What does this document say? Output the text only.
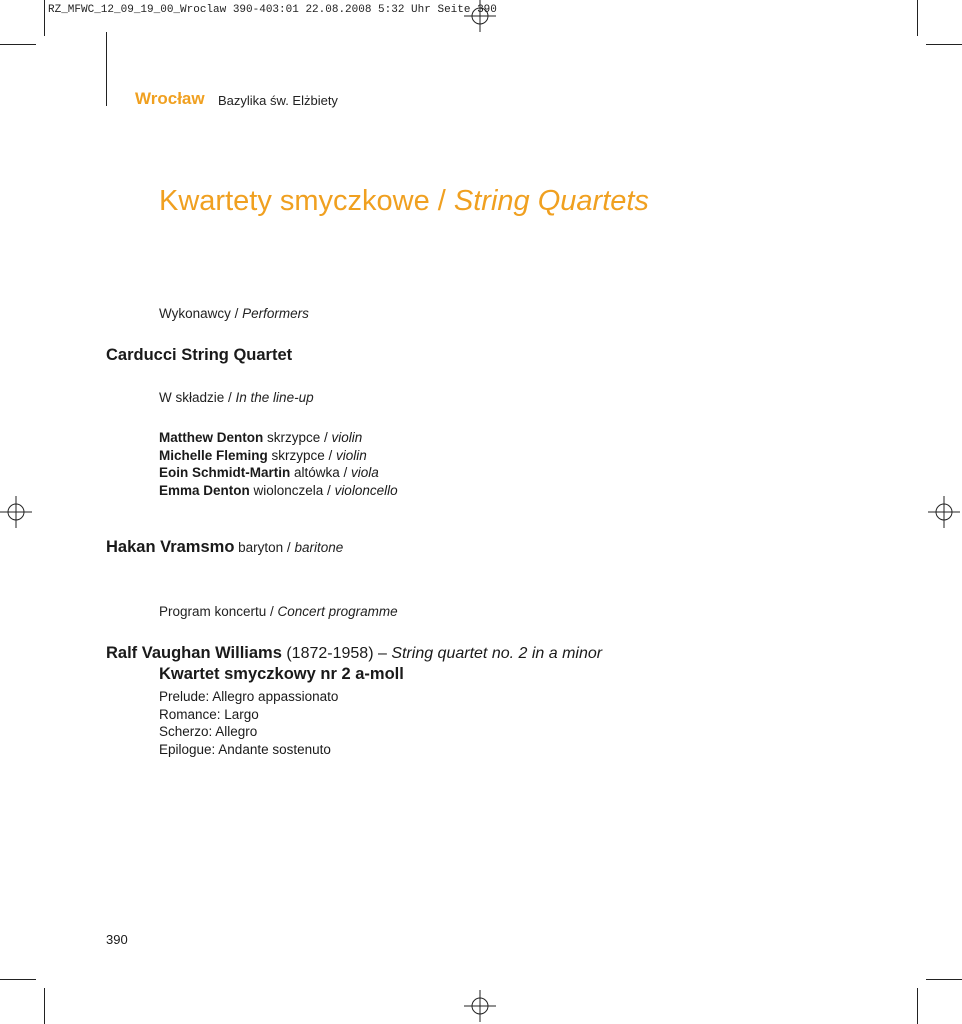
RZ_MFWC_12_09_19_00_Wroclaw 390-403:01 22.08.2008 5:32 Uhr Seite 390
Wrocław Bazylika św. Elżbiety
Kwartety smyczkowe / String Quartets
Wykonawcy / Performers
Carducci String Quartet
W składzie / In the line-up
Matthew Denton skrzypce / violin
Michelle Fleming skrzypce / violin
Eoin Schmidt-Martin altówka / viola
Emma Denton wiolonczela / violoncello
Hakan Vramsmo baryton / baritone
Program koncertu / Concert programme
Ralf Vaughan Williams (1872-1958) – String quartet no. 2 in a minor
Kwartet smyczkowy nr 2 a-moll
Prelude: Allegro appassionato
Romance: Largo
Scherzo: Allegro
Epilogue: Andante sostenuto
390
